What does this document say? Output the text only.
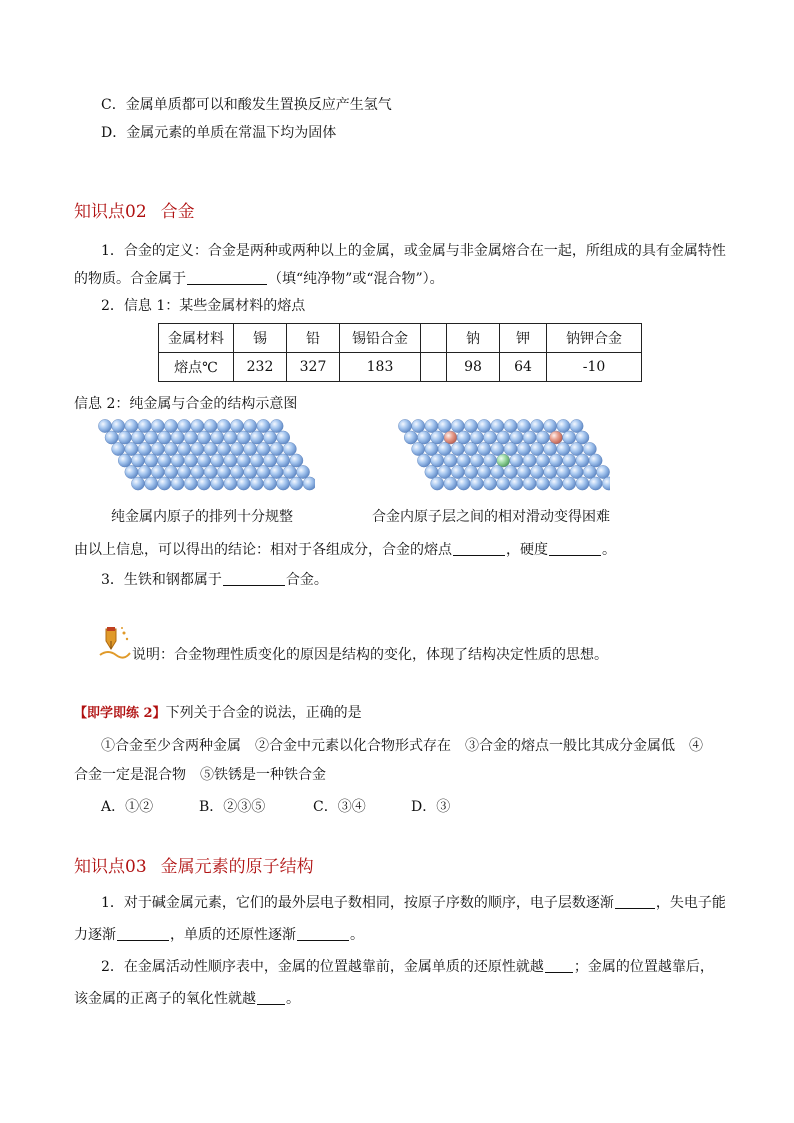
C．金属单质都可以和酸发生置换反应产生氢气
D．金属元素的单质在常温下均为固体
知识点02 合金
1．合金的定义：合金是两种或两种以上的金属，或金属与非金属熔合在一起，所组成的具有金属特性
的物质。合金属于	（填“纯净物”或“混合物”）。
2．信息 1：某些金属材料的熔点
金属材料	锡	铅	锡铅合金		钠	钾	钠钾合金
熔点℃	232	327	183		98	64	-10
信息 2：纯金属与合金的结构示意图
纯金属内原子的排列十分规整	合金内原子层之间的相对滑动变得困难
由以上信息，可以得出的结论：相对于各组成分，合金的熔点	，硬度	。
3．生铁和钢都属于	合金。
说明：合金物理性质变化的原因是结构的变化，体现了结构决定性质的思想。
【即学即练 2】下列关于合金的说法，正确的是
①合金至少含两种金属　②合金中元素以化合物形式存在　③合金的熔点一般比其成分金属低　④
合金一定是混合物　⑤铁锈是一种铁合金
A．①②	B．②③⑤	C．③④	D．③
知识点03 金属元素的原子结构
1．对于碱金属元素，它们的最外层电子数相同，按原子序数的顺序，电子层数逐渐	，失电子能
力逐渐	，单质的还原性逐渐	。
2．在金属活动性顺序表中，金属的位置越靠前，金属单质的还原性就越 ；金属的位置越靠后，
该金属的正离子的氧化性就越 。
